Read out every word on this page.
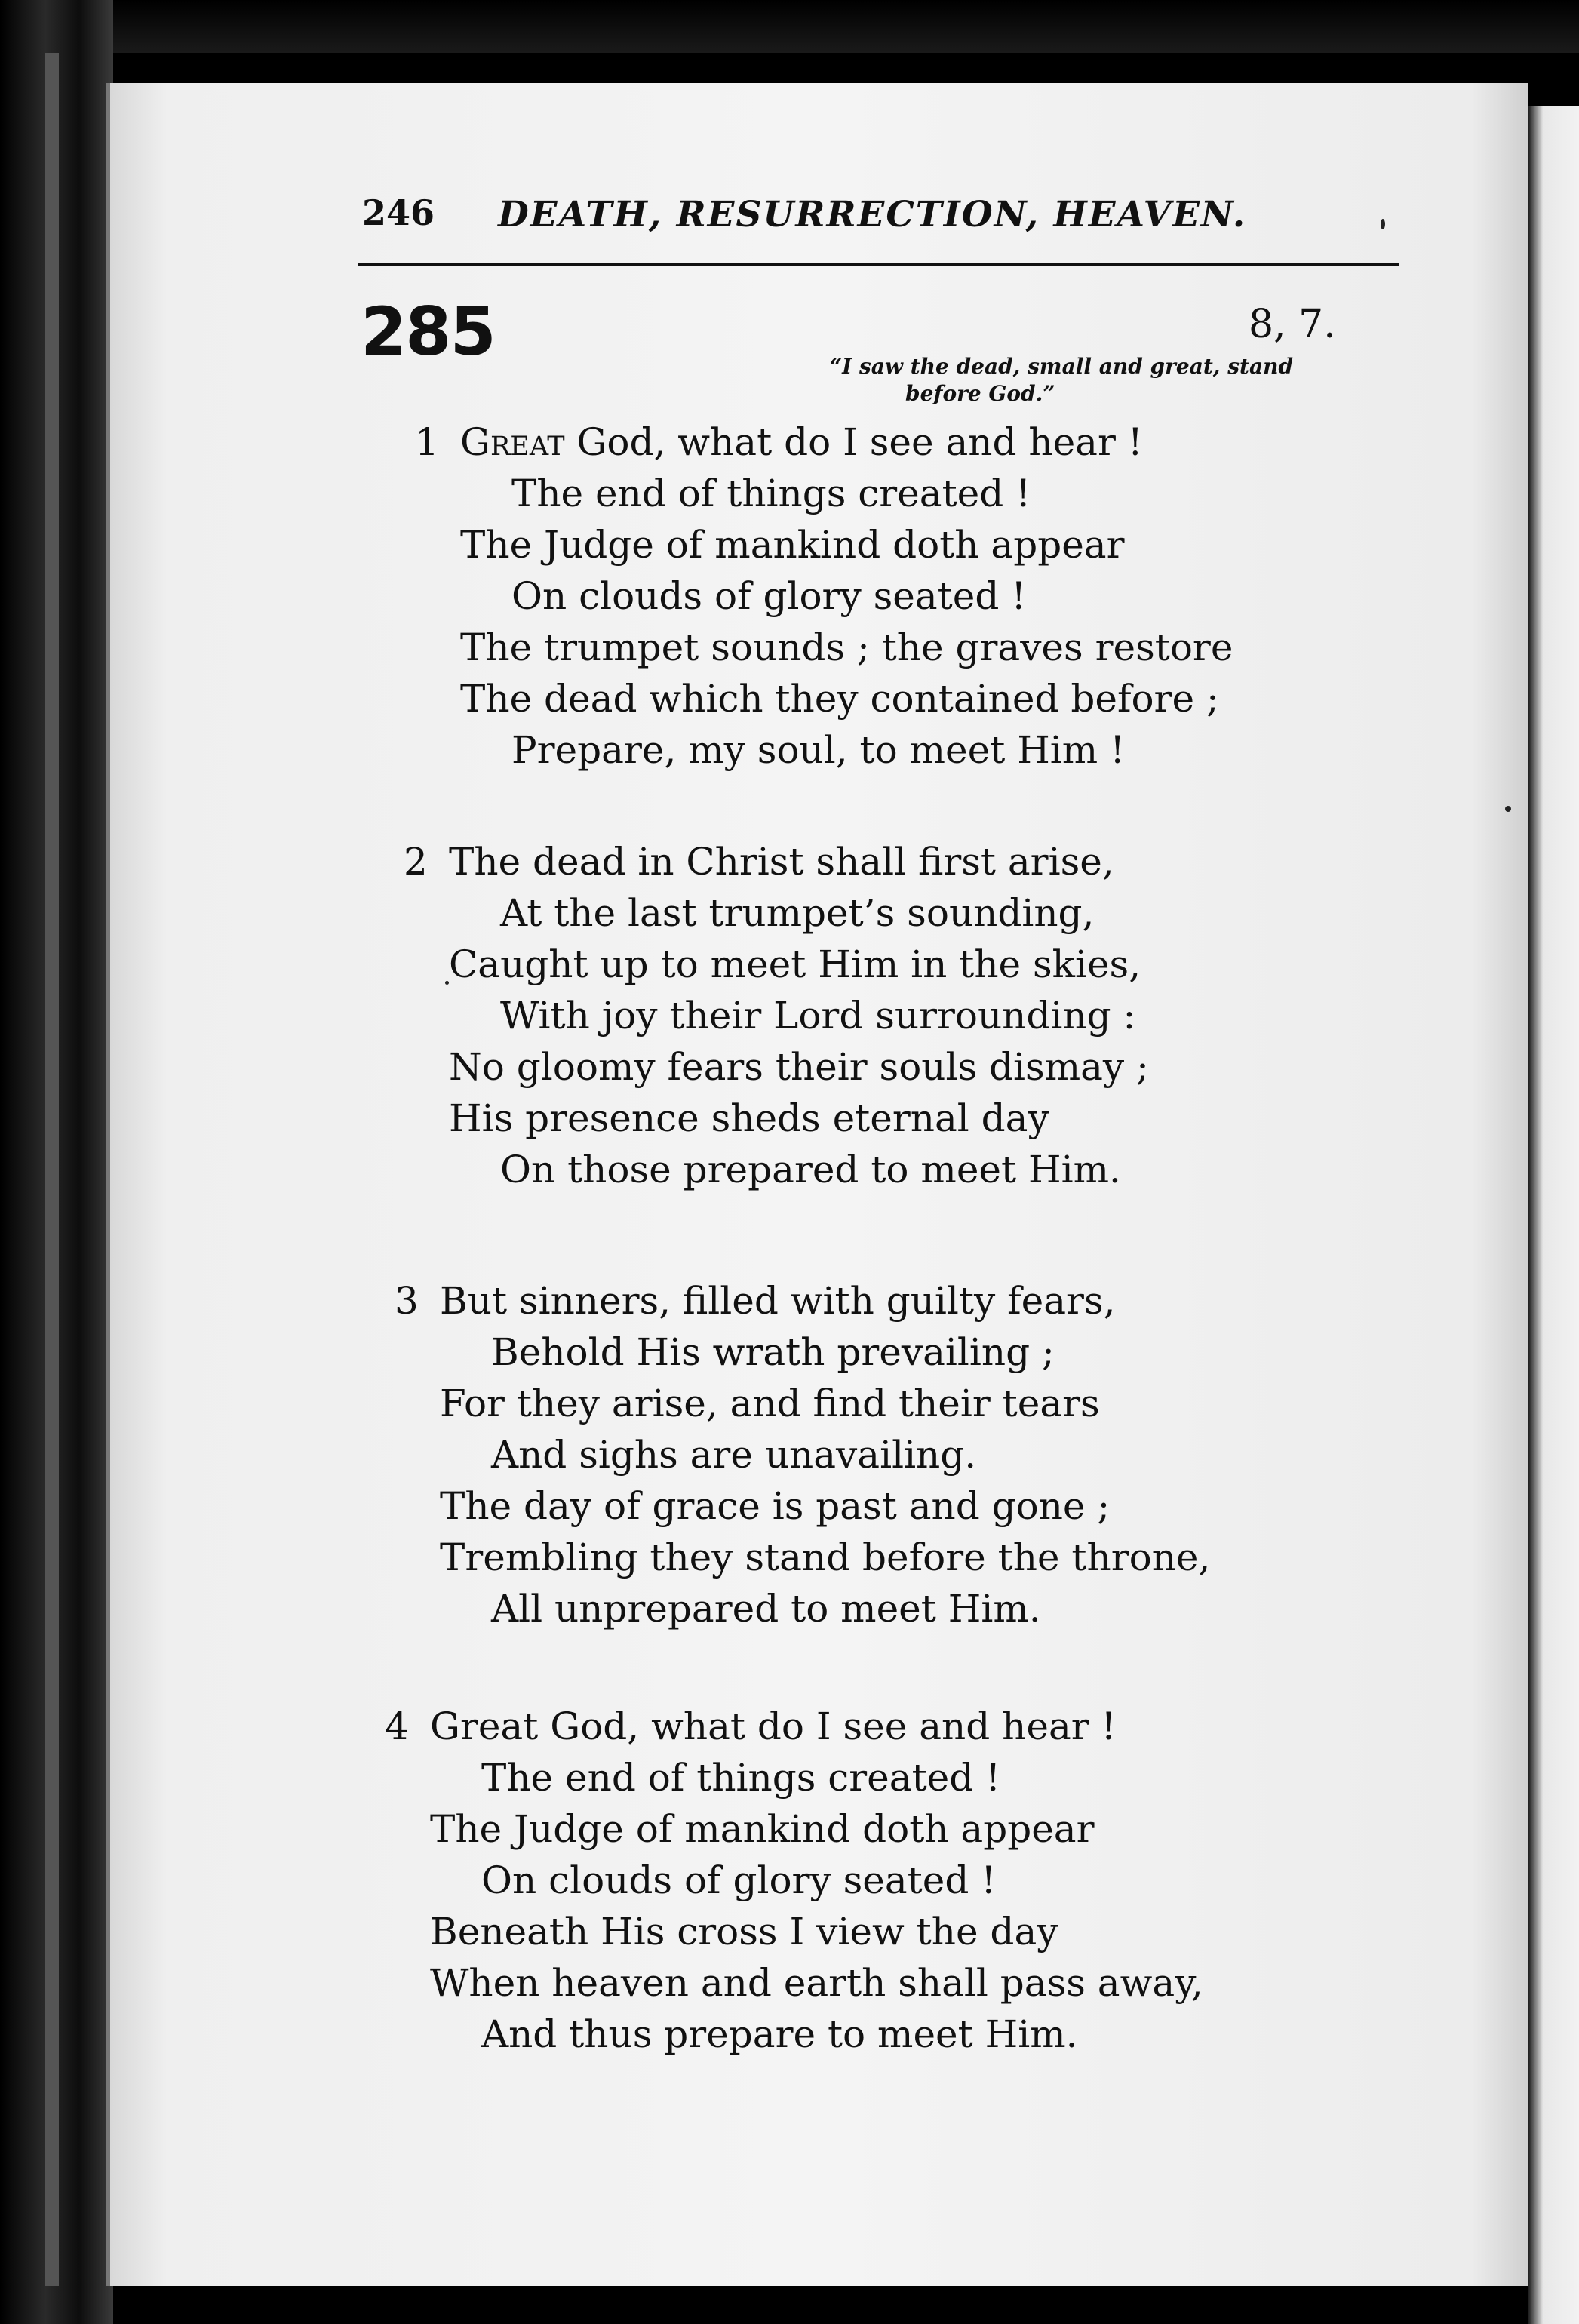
246 DEATH, RESURRECTION, HEAVEN.
285	8, 7.
“I saw the dead, small and great, stand
before God.”
1 Great God, what do I see and hear !
The end of things created !
The Judge of mankind doth appear
On clouds of glory seated !
The trumpet sounds ; the graves restore
The dead which they contained before ;
Prepare, my soul, to meet Him !
2 The dead in Christ shall first arise,
At the last trumpet’s sounding,
Caught up to meet Him in the skies,
With joy their Lord surrounding :
No gloomy fears their souls dismay ;
His presence sheds eternal day
On those prepared to meet Him.
3 But sinners, filled with guilty fears,
Behold His wrath prevailing ;
For they arise, and find their tears
And sighs are unavailing.
The day of grace is past and gone ;
Trembling they stand before the throne,
All unprepared to meet Him.
4 Great God, what do I see and hear !
The end of things created !
The Judge of mankind doth appear
On clouds of glory seated !
Beneath His cross I view the day
When heaven and earth shall pass away,
And thus prepare to meet Him.
